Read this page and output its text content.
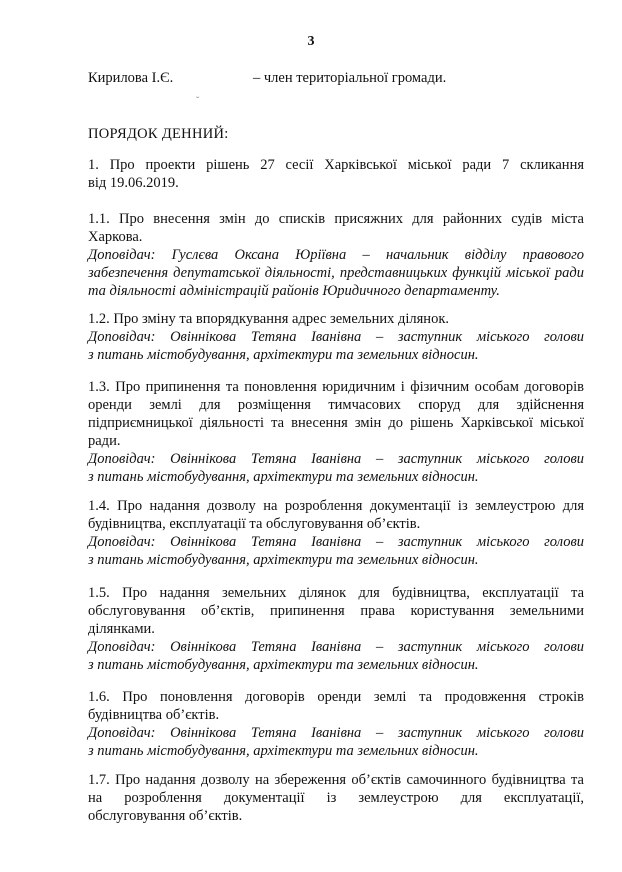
3
Кирилова І.Є.	– член територіальної громади.
ˇ
ПОРЯДОК ДЕННИЙ:

1. Про проекти рішень 27 сесії Харківської міської ради 7 скликання

від 19.06.2019.

1.1. Про внесення змін до списків присяжних для районних судів міста

Харкова.

Доповідач: Гуслєва Оксана Юріївна – начальник відділу правового

забезпечення депутатської діяльності, представницьких функцій міської ради

та діяльності адміністрацій районів Юридичного департаменту.

1.2. Про зміну та впорядкування адрес земельних ділянок.

Доповідач: Овіннікова Тетяна Іванівна – заступник міського голови

з питань містобудування, архітектури та земельних відносин.

1.3. Про припинення та поновлення юридичним і фізичним особам договорів

оренди землі для розміщення тимчасових споруд для здійснення

підприємницької діяльності та внесення змін до рішень Харківської міської

ради.

Доповідач: Овіннікова Тетяна Іванівна – заступник міського голови

з питань містобудування, архітектури та земельних відносин.

1.4. Про надання дозволу на розроблення документації із землеустрою для

будівництва, експлуатації та обслуговування об’єктів.

Доповідач: Овіннікова Тетяна Іванівна – заступник міського голови

з питань містобудування, архітектури та земельних відносин.

1.5. Про надання земельних ділянок для будівництва, експлуатації та

обслуговування об’єктів, припинення права користування земельними

ділянками.

Доповідач: Овіннікова Тетяна Іванівна – заступник міського голови

з питань містобудування, архітектури та земельних відносин.

1.6. Про поновлення договорів оренди землі та продовження строків

будівництва об’єктів.

Доповідач: Овіннікова Тетяна Іванівна – заступник міського голови

з питань містобудування, архітектури та земельних відносин.

1.7. Про надання дозволу на збереження об’єктів самочинного будівництва та

на розроблення документації із землеустрою для експлуатації,

обслуговування об’єктів.
